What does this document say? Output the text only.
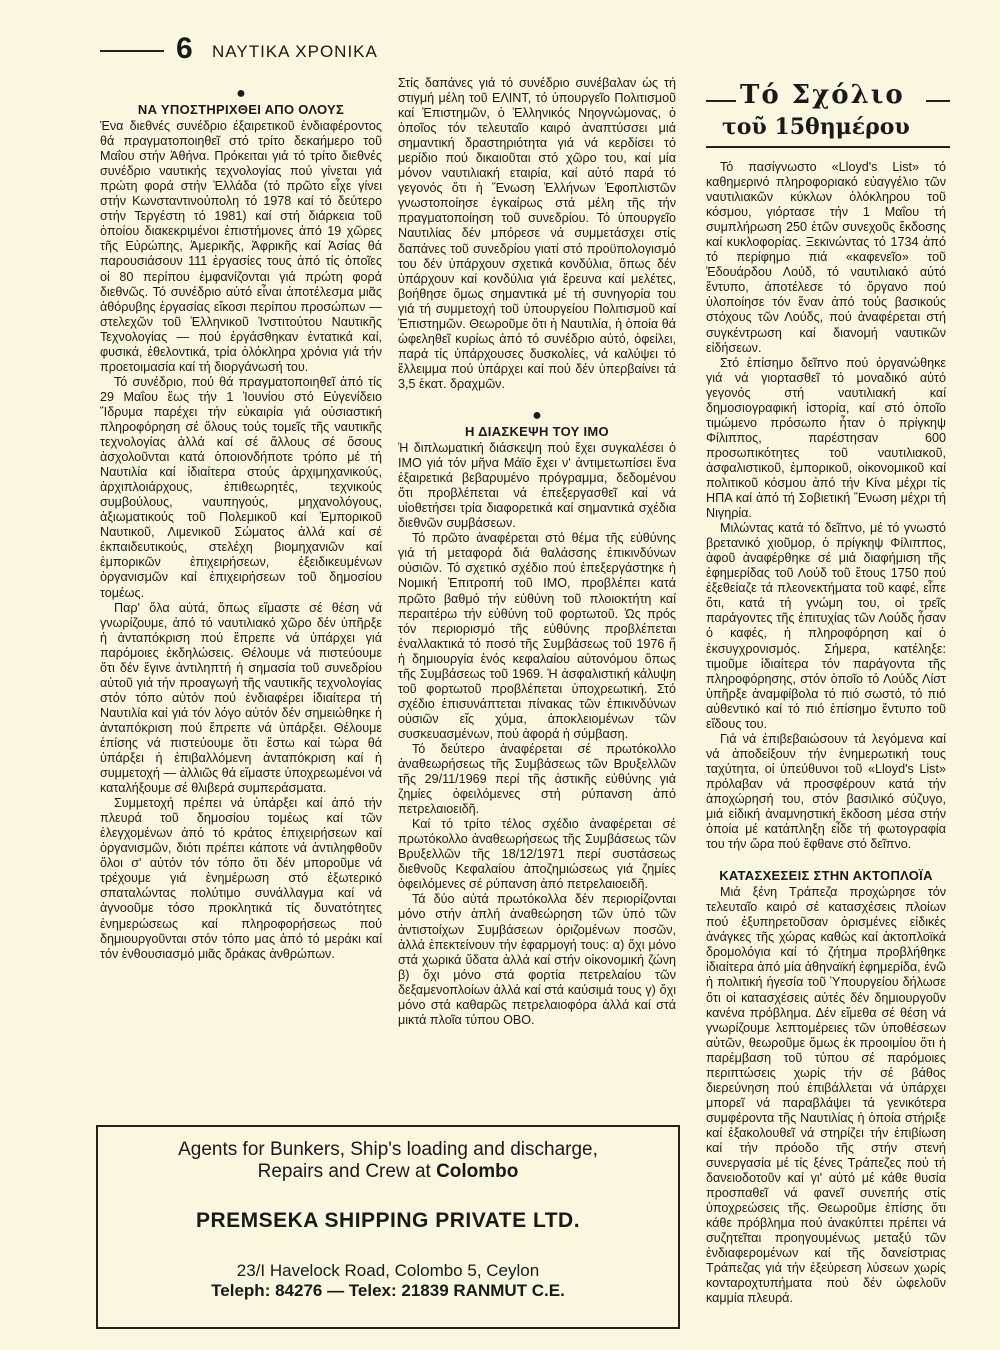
6 ΝΑΥΤΙΚΑ ΧΡΟΝΙΚΑ
●
ΝΑ ΥΠΟΣΤΗΡΙΧΘΕΙ ΑΠΟ ΟΛΟΥΣ

Ένα διεθνές συνέδριο έξαιρετικοῦ ἐνδιαφέροντος θά πραγματοποιηθεῖ στό τρίτο δεκαήμερο τοῦ Μαΐου στήν Ἀθήνα. Πρόκειται γιά τό τρίτο διεθνές συνέδριο ναυτικής τεχνολογίας πού γίνεται γιά πρώτη φορά στήν Ἑλλάδα (τό πρῶτο εἶχε γίνει στήν Κωνσταντινούπολη τό 1978 καί τό δεύτερο στήν Τεργέστη τό 1981) καί στή διάρκεια τοῦ ὁποίου διακεκριμένοι ἐπιστήμονες ἀπό 19 χῶρες τῆς Εὐρώπης, Ἀμερικῆς, Ἀφρικῆς καί Ἀσίας θά παρουσιάσουν 111 ἐργασίες τους ἀπό τίς ὁποῖες οἱ 80 περίπου ἐμφανίζονται γιά πρώτη φορά διεθνῶς. Τό συνέδριο αὐτό εἶναι ἀποτέλεσμα μιᾶς ἀθόρυβης ἐργασίας εἴκοσι περίπου προσώπων — στελεχῶν τοῦ Ἑλληνικοῦ Ἰνστιτούτου Ναυτικῆς Τεχνολογίας — πού ἐργάσθηκαν ἐντατικά καί, φυσικά, ἐθελοντικά, τρία ὁλόκληρα χρόνια γιά τήν προετοιμασία καί τή διοργάνωσή του.

Τό συνέδριο, πού θά πραγματοποιηθεῖ ἀπό τίς 29 Μαΐου ἕως τήν 1 Ἰουνίου στό Εὐγενίδειο Ἵδρυμα παρέχει τήν εὐκαιρία γιά οὐσιαστική πληροφόρηση σέ ὅλους τούς τομεῖς τῆς ναυτικῆς τεχνολογίας ἀλλά καί σέ ἄλλους σέ ὅσους ἀσχολοῦνται κατά ὁποιονδήποτε τρόπο μέ τή Ναυτιλία καί ἰδιαίτερα στούς ἀρχιμηχανικούς, ἀρχιπλοιάρχους, ἐπιθεωρητές, τεχνικούς συμβούλους, ναυπηγούς, μηχανολόγους, ἀξιωματικούς τοῦ Πολεμικοῦ καί Ἐμπορικοῦ Ναυτικοῦ, Λιμενικοῦ Σώματος ἀλλά καί σέ ἐκπαιδευτικούς, στελέχη βιομηχανιῶν καί ἐμπορικῶν ἐπιχειρήσεων, ἐξειδικευμένων ὀργανισμῶν καί ἐπιχειρήσεων τοῦ δημοσίου τομέως.

Παρ' ὅλα αὐτά, ὅπως εἴμαστε σέ θέση νά γνωρίζουμε, ἀπό τό ναυτιλιακό χῶρο δέν ὑπῆρξε ἡ ἀνταπόκριση πού ἔπρεπε νά ὑπάρχει γιά παρόμοιες ἐκδηλώσεις. Θέλουμε νά πιστεύουμε ὅτι δέν ἔγινε ἀντιληπτή ἡ σημασία τοῦ συνεδρίου αὐτοῦ γιά τήν προαγωγή τῆς ναυτικῆς τεχνολογίας στόν τόπο αὐτόν πού ἐνδιαφέρει ἰδιαίτερα τή Ναυτιλία καί γιά τόν λόγο αὐτόν δέν σημειώθηκε ἡ ἀνταπόκριση πού ἔπρεπε νά ὑπάρξει. Θέλουμε ἐπίσης νά πιστεύουμε ὅτι ἔστω καί τώρα θά ὑπάρξει ἡ ἐπιβαλλόμενη ἀνταπόκριση καί ἡ συμμετοχή — ἀλλιῶς θά εἴμαστε ὑποχρεωμένοι νά καταλήξουμε σέ θλιβερά συμπεράσματα.

Συμμετοχή πρέπει νά ὑπάρξει καί ἀπό τήν πλευρά τοῦ δημοσίου τομέως καί τῶν ἐλεγχομένων ἀπό τό κράτος ἐπιχειρήσεων καί ὀργανισμῶν, διότι πρέπει κάποτε νά ἀντιληφθοῦν ὅλοι σ' αὐτόν τόν τόπο ὅτι δέν μποροῦμε νά τρέχουμε γιά ἐνημέρωση στό ἐξωτερικό σπαταλώντας πολύτιμο συνάλλαγμα καί νά ἀγνοοῦμε τόσο προκλητικά τίς δυνατότητες ἐνημερώσεως καί πληροφορήσεως πού δημιουργοῦνται στόν τόπο μας ἀπό τό μεράκι καί τόν ἐνθουσιασμό μιᾶς δράκας ἀνθρώπων.

Στίς δαπάνες γιά τό συνέδριο συνέβαλαν ὡς τή στιγμή μέλη τοῦ ΕΛΙΝΤ, τό ὑπουργεῖο Πολιτισμοῦ καί Ἐπιστημῶν, ὁ Ἑλληνικός Νηογνώμονας, ὁ ὁποῖος τόν τελευταῖο καιρό ἀναπτύσσει μιά σημαντική δραστηριότητα γιά νά κερδίσει τό μερίδιο πού δικαιοῦται στό χῶρο του, καί μία μόνον ναυτιλιακή εταιρία, καί αὐτό παρά τό γεγονός ὅτι ἡ Ἕνωση Ἑλλήνων Ἐφοπλιστῶν γνωστοποίησε ἐγκαίρως στά μέλη τῆς τήν πραγματοποίηση τοῦ συνεδρίου. Τό ὑπουργεῖο Ναυτιλίας δέν μπόρεσε νά συμμετάσχει στίς δαπάνες τοῦ συνεδρίου γιατί στό προϋπολογισμό του δέν ὑπάρχουν σχετικά κονδύλια, ὅπως δέν ὑπάρχουν καί κονδύλια γιά ἔρευνα καί μελέτες, βοήθησε ὅμως σημαντικά μέ τή συνηγορία του γιά τή συμμετοχή τοῦ ὑπουργείου Πολιτισμοῦ καί Ἐπιστημῶν. Θεωροῦμε ὅτι ἡ Ναυτιλία, ἡ ὁποία θά ὠφεληθεῖ κυρίως ἀπό τό συνέδριο αὐτό, ὀφείλει, παρά τίς ὑπάρχουσες δυσκολίες, νά καλύψει τό ἔλλειμμα πού ὑπάρχει καί πού δέν ὑπερβαίνει τά 3,5 ἑκατ. δραχμῶν.

●
Η ΔΙΑΣΚΕΨΗ ΤΟΥ ΙΜΟ

Ἡ διπλωματική διάσκεψη πού ἔχει συγκαλέσει ὁ ΙΜΟ γιά τόν μῆνα Μάϊο ἔχει ν' ἀντιμετωπίσει ἕνα ἐξαιρετικά βεβαρυμένο πρόγραμμα, δεδομένου ὅτι προβλέπεται νά ἐπεξεργασθεῖ καί νά υἱοθετήσει τρία διαφορετικά καί σημαντικά σχέδια διεθνῶν συμβάσεων.

Τό πρῶτο ἀναφέρεται στό θέμα τῆς εὐθύνης γιά τή μεταφορά διά θαλάσσης ἐπικινδύνων οὐσιῶν. Τό σχετικό σχέδιο πού ἐπεξεργάστηκε ἡ Νομική Ἐπιτροπή τοῦ ΙΜΟ, προβλέπει κατά πρῶτο βαθμό τήν εὐθύνη τοῦ πλοιοκτήτη καί περαιτέρω τήν εὐθύνη τοῦ φορτωτοῦ. Ὡς πρός τόν περιορισμό τῆς εὐθύνης προβλέπεται ἐναλλακτικά τό ποσό τῆς Συμβάσεως τοῦ 1976 ἤ ἡ δημιουργία ἑνός κεφαλαίου αὐτονόμου ὅπως τῆς Συμβάσεως τοῦ 1969. Ἡ ἀσφαλιστική κάλυψη τοῦ φορτωτοῦ προβλέπεται ὑποχρεωτική. Στό σχέδιο ἐπισυνάπτεται πίνακας τῶν ἐπικινδύνων οὐσιῶν εἴς χύμα, ἀποκλειομένων τῶν συσκευασμένων, πού ἀφορά ἡ σύμβαση.

Τό δεύτερο ἀναφέρεται σέ πρωτόκολλο ἀναθεωρήσεως τῆς Συμβάσεως τῶν Βρυξελλῶν τῆς 29/11/1969 περί τῆς ἀστικῆς εὐθύνης γιά ζημίες ὀφειλόμενες στή ρύπανση ἀπό πετρελαιοειδῆ.

Καί τό τρίτο τέλος σχέδιο ἀναφέρεται σέ πρωτόκολλο ἀναθεωρήσεως τῆς Συμβάσεως τῶν Βρυξελλῶν τῆς 18/12/1971 περί συστάσεως διεθνοῦς Κεφαλαίου ἀποζημιώσεως γιά ζημίες ὀφειλόμενες σέ ρύπανση ἀπό πετρελαιοειδῆ.

Τά δύο αὐτά πρωτόκολλα δέν περιορίζονται μόνο στήν ἁπλή ἀναθεώρηση τῶν ὑπό τῶν ἀντιστοίχων Συμβάσεων ὁριζομένων ποσῶν, ἀλλά ἐπεκτείνουν τήν ἐφαρμογή τους: α) ὄχι μόνο στά χωρικά ὕδατα ἀλλά καί στήν οἰκονομική ζώνη β) ὄχι μόνο στά φορτία πετρελαίου τῶν δεξαμενοπλοίων ἀλλά καί στά καύσιμά τους γ) ὄχι μόνο στά καθαρῶς πετρελαιοφόρα ἀλλά καί στά μικτά πλοῖα τύπου ΟΒΟ.

Τό Σχόλιο
τοῦ 15θημέρου

Τό πασίγνωστο «Lloyd's List» τό καθημερινό πληροφοριακό εὐαγγέλιο τῶν ναυτιλιακῶν κύκλων ὁλόκληρου τοῦ κόσμου, γιόρτασε τήν 1 Μαΐου τή συμπλήρωση 250 ἐτῶν συνεχοῦς ἔκδοσης καί κυκλοφορίας. Ξεκινώντας τό 1734 ἀπό τό περίφημο πιά «καφενεῖο» τοῦ Ἐδουάρδου Λούδ, τό ναυτιλιακό αὐτό ἔντυπο, ἀποτέλεσε τό ὄργανο πού ὑλοποίησε τόν ἕναν ἀπό τούς βασικούς στόχους τῶν Λούδς, πού ἀναφέρεται στή συγκέντρωση καί διανομή ναυτικῶν εἰδήσεων.

Στό ἐπίσημο δεῖπνο πού ὀργανώθηκε γιά νά γιορτασθεῖ τό μοναδικό αὐτό γεγονός στή ναυτιλιακή καί δημοσιογραφική ἱστορία, καί στό ὁποῖο τιμώμενο πρόσωπο ἦταν ὁ πρίγκηψ Φίλιππος, παρέστησαν 600 προσωπικότητες τοῦ ναυτιλιακοῦ, ἀσφαλιστικοῦ, ἐμπορικοῦ, οἰκονομικοῦ καί πολιτικοῦ κόσμου ἀπό τήν Κίνα μέχρι τίς ΗΠΑ καί ἀπό τή Σοβιετική Ἕνωση μέχρι τή Νιγηρία.

Μιλώντας κατά τό δεῖπνο, μέ τό γνωστό βρετανικό χιοῦμορ, ὁ πρίγκηψ Φίλιππος, ἀφοῦ ἀναφέρθηκε σέ μιά διαφήμιση τῆς ἐφημερίδας τοῦ Λούδ τοῦ ἔτους 1750 πού ἐξεθείαζε τά πλεονεκτήματα τοῦ καφέ, εἶπε ὅτι, κατά τή γνώμη του, οἱ τρεῖς παράγοντες τῆς ἐπιτυχίας τῶν Λούδς ἦσαν ὁ καφές, ἡ πληροφόρηση καί ὁ ἐκσυγχρονισμός. Σήμερα, κατέληξε: τιμοῦμε ἰδιαίτερα τόν παράγοντα τῆς πληροφόρησης, στόν ὁποῖο τό Λούδς Λίστ ὑπῆρξε ἀναμφίβολα τό πιό σωστό, τό πιό αὐθεντικό καί τό πιό ἐπίσημο ἔντυπο τοῦ εἴδους του.

Γιά νά ἐπιβεβαιώσουν τά λεγόμενα καί νά ἀποδείξουν τήν ἐνημερωτική τους ταχύτητα, οἱ ὑπεύθυνοι τοῦ «Lloyd's List» πρόλαβαν νά προσφέρουν κατά τήν ἀποχώρησή του, στόν βασιλικό σύζυγο, μιά εἰδική ἀναμνηστική ἔκδοση μέσα στήν ὁποία μέ κατάπληξη εἶδε τή φωτογραφία του τήν ὥρα πού ἔφθανε στό δεῖπνο.

ΚΑΤΑΣΧΕΣΕΙΣ ΣΤΗΝ ΑΚΤΟΠΛΟΪΑ

Μιά ξένη Τράπεζα προχώρησε τόν τελευταῖο καιρό σέ κατασχέσεις πλοίων πού ἐξυπηρετοῦσαν ὁρισμένες εἰδικές ἀνάγκες τῆς χώρας καθώς καί ἀκτοπλοϊκά δρομολόγια καί τό ζήτημα προβλήθηκε ἰδιαίτερα ἀπό μία ἀθηναϊκή ἐφημερίδα, ἐνῶ ἡ πολιτική ἡγεσία τοῦ Ὑπουργείου δήλωσε ὅτι οἱ κατασχέσεις αὐτές δέν δημιουργοῦν κανένα πρόβλημα. Δέν εἴμεθα σέ θέση νά γνωρίζουμε λεπτομέρειες τῶν ὑποθέσεων αὐτῶν, θεωροῦμε ὅμως ἐκ προοιμίου ὅτι ἡ παρέμβαση τοῦ τύπου σέ παρόμοιες περιπτώσεις χωρίς τήν σέ βάθος διερεύνηση πού ἐπιβάλλεται νά ὑπάρχει μπορεῖ νά παραβλάψει τά γενικότερα συμφέροντα τῆς Ναυτιλίας ἡ ὁποία στήριξε καί ἐξακολουθεῖ νά στηρίζει τήν ἐπιβίωση καί τήν πρόοδο τῆς στήν στενή συνεργασία μέ τίς ξένες Τράπεζες πού τή δανειοδοτοῦν καί γι' αὐτό μέ κάθε θυσία προσπαθεῖ νά φανεῖ συνεπής στίς ὑποχρεώσεις τῆς. Θεωροῦμε ἐπίσης ὅτι κάθε πρόβλημα πού ἀνακύπτει πρέπει νά συζητεῖται προηγουμένως μεταξύ τῶν ἐνδιαφερομένων καί τῆς δανείστριας Τράπεζας γιά τήν ἐξεύρεση λύσεων χωρίς κονταροχτυπήματα πού δέν ὠφελοῦν καμμία πλευρά.

Agents for Bunkers, Ship's loading and discharge,
Repairs and Crew at Colombo
PREMSEKA SHIPPING PRIVATE LTD.
23/I Havelock Road, Colombo 5, Ceylon
Teleph: 84276 — Telex: 21839 RANMUT C.E.
